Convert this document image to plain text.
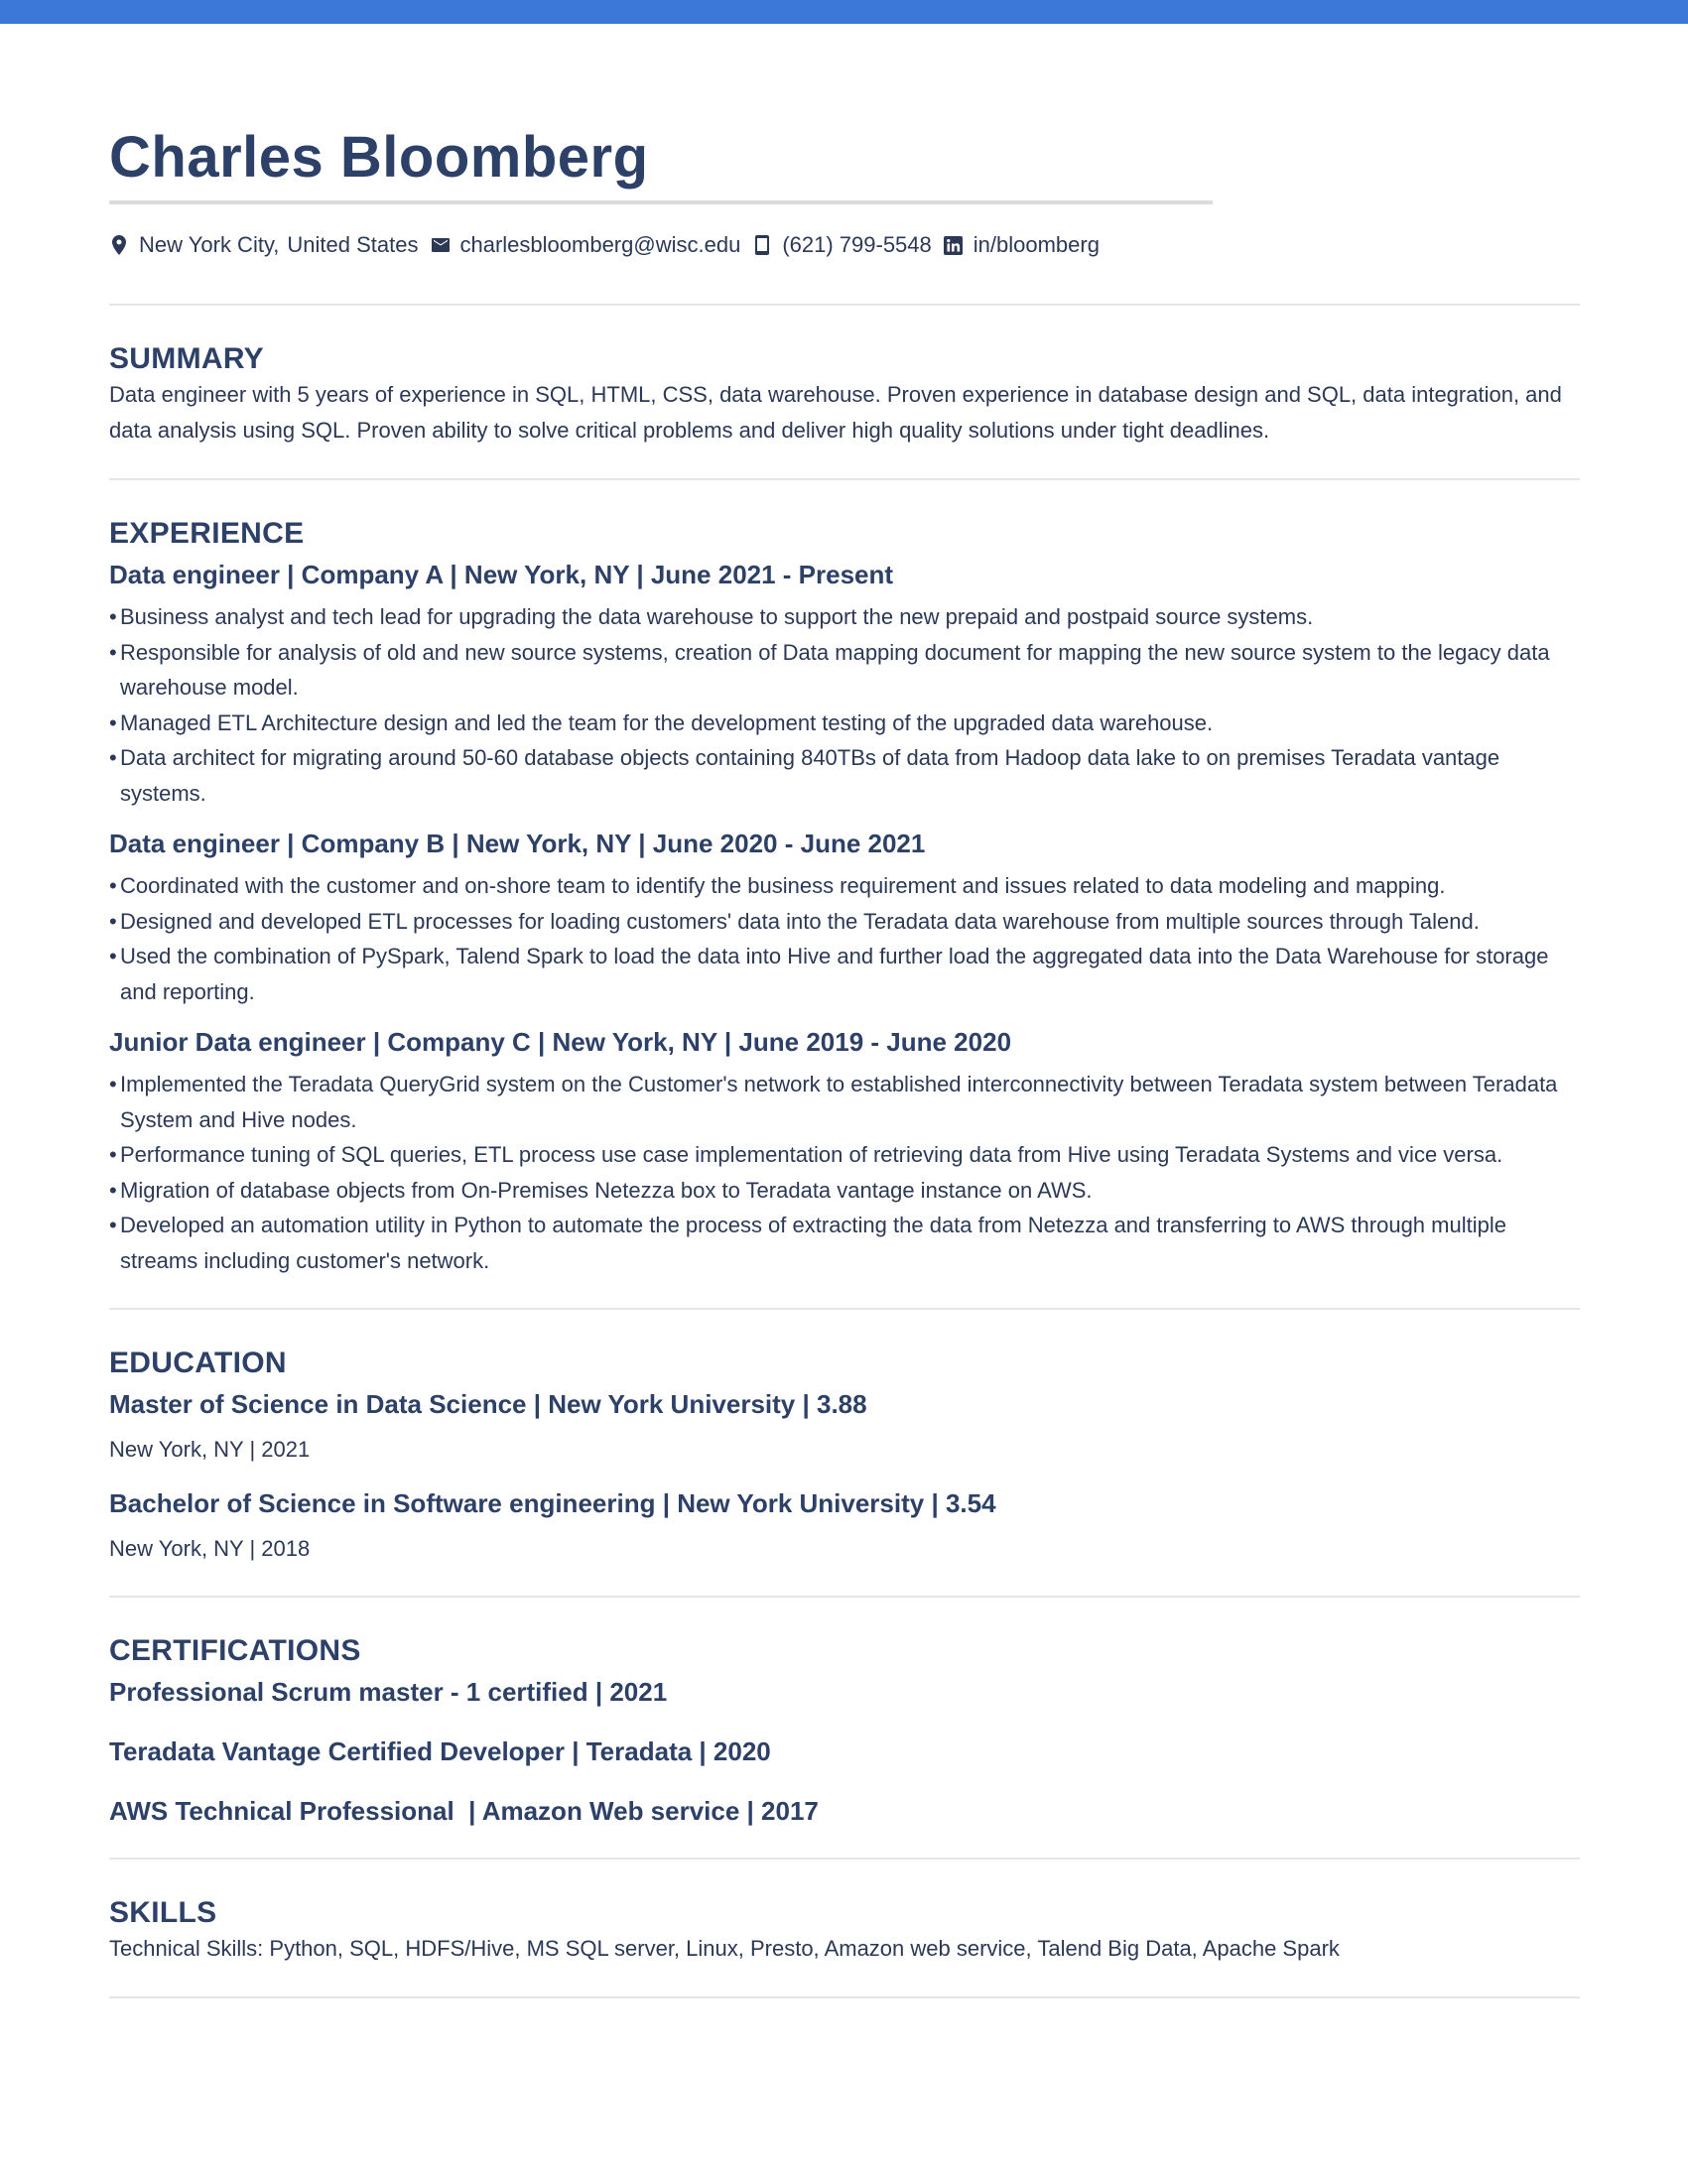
Charles Bloomberg
New York City, United States charlesbloomberg@wisc.edu (621) 799-5548 in/bloomberg
SUMMARY

Data engineer with 5 years of experience in SQL, HTML, CSS, data warehouse. Proven experience in database design and SQL, data integration, and data analysis using SQL. Proven ability to solve critical problems and deliver high quality solutions under tight deadlines.

EXPERIENCE
Data engineer | Company A | New York, NY | June 2021 - Present
• Business analyst and tech lead for upgrading the data warehouse to support the new prepaid and postpaid source systems.
• Responsible for analysis of old and new source systems, creation of Data mapping document for mapping the new source system to the legacy data warehouse model.
• Managed ETL Architecture design and led the team for the development testing of the upgraded data warehouse.
• Data architect for migrating around 50-60 database objects containing 840TBs of data from Hadoop data lake to on premises Teradata vantage systems.
Data engineer | Company B | New York, NY | June 2020 - June 2021
• Coordinated with the customer and on-shore team to identify the business requirement and issues related to data modeling and mapping.
• Designed and developed ETL processes for loading customers' data into the Teradata data warehouse from multiple sources through Talend.
• Used the combination of PySpark, Talend Spark to load the data into Hive and further load the aggregated data into the Data Warehouse for storage and reporting.
Junior Data engineer | Company C | New York, NY | June 2019 - June 2020
• Implemented the Teradata QueryGrid system on the Customer's network to established interconnectivity between Teradata system between Teradata System and Hive nodes.
• Performance tuning of SQL queries, ETL process use case implementation of retrieving data from Hive using Teradata Systems and vice versa.
• Migration of database objects from On-Premises Netezza box to Teradata vantage instance on AWS.
• Developed an automation utility in Python to automate the process of extracting the data from Netezza and transferring to AWS through multiple streams including customer's network.
EDUCATION
Master of Science in Data Science | New York University | 3.88

New York, NY | 2021

Bachelor of Science in Software engineering | New York University | 3.54

New York, NY | 2018

CERTIFICATIONS
Professional Scrum master - 1 certified | 2021
Teradata Vantage Certified Developer | Teradata | 2020
AWS Technical Professional  | Amazon Web service | 2017
SKILLS

Technical Skills: Python, SQL, HDFS/Hive, MS SQL server, Linux, Presto, Amazon web service, Talend Big Data, Apache Spark
